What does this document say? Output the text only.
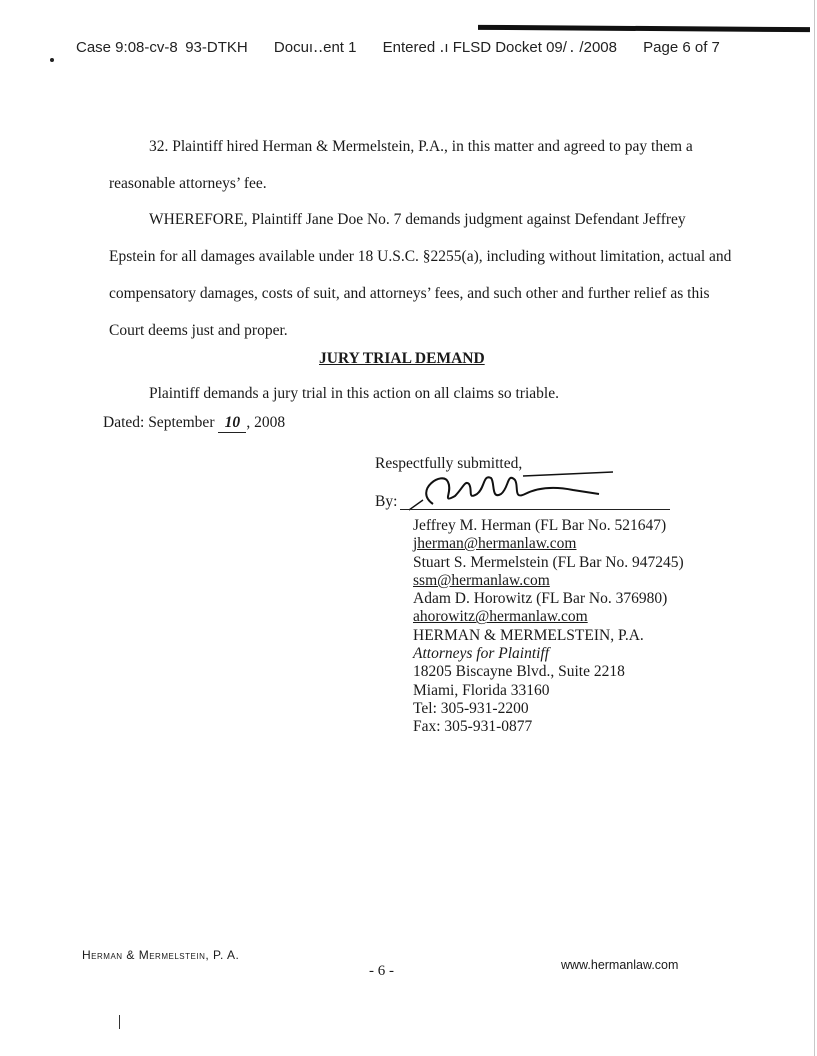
Case 9:08-cv-8   93-DTKH Docuı․․ent 1 Entered ․ı FLSD Docket 09/ ․  /2008 Page 6 of 7
32. Plaintiff hired Herman & Mermelstein, P.A., in this matter and agreed to pay them a
reasonable attorneys’ fee.
WHEREFORE, Plaintiff Jane Doe No. 7 demands judgment against Defendant Jeffrey
Epstein for all damages available under 18 U.S.C. §2255(a), including without limitation, actual and
compensatory damages, costs of suit, and attorneys’ fees, and such other and further relief as this
Court deems just and proper.
JURY TRIAL DEMAND
Plaintiff demands a jury trial in this action on all claims so triable.
Dated: September 10 , 2008
Respectfully submitted,
By:
Jeffrey M. Herman (FL Bar No. 521647)
jherman@hermanlaw.com
Stuart S. Mermelstein (FL Bar No. 947245)
ssm@hermanlaw.com
Adam D. Horowitz (FL Bar No. 376980)
ahorowitz@hermanlaw.com
HERMAN & MERMELSTEIN, P.A.
Attorneys for Plaintiff
18205 Biscayne Blvd., Suite 2218
Miami, Florida 33160
Tel: 305-931-2200
Fax: 305-931-0877
Herman & Mermelstein, P. A.
- 6 -	www.hermanlaw.com
